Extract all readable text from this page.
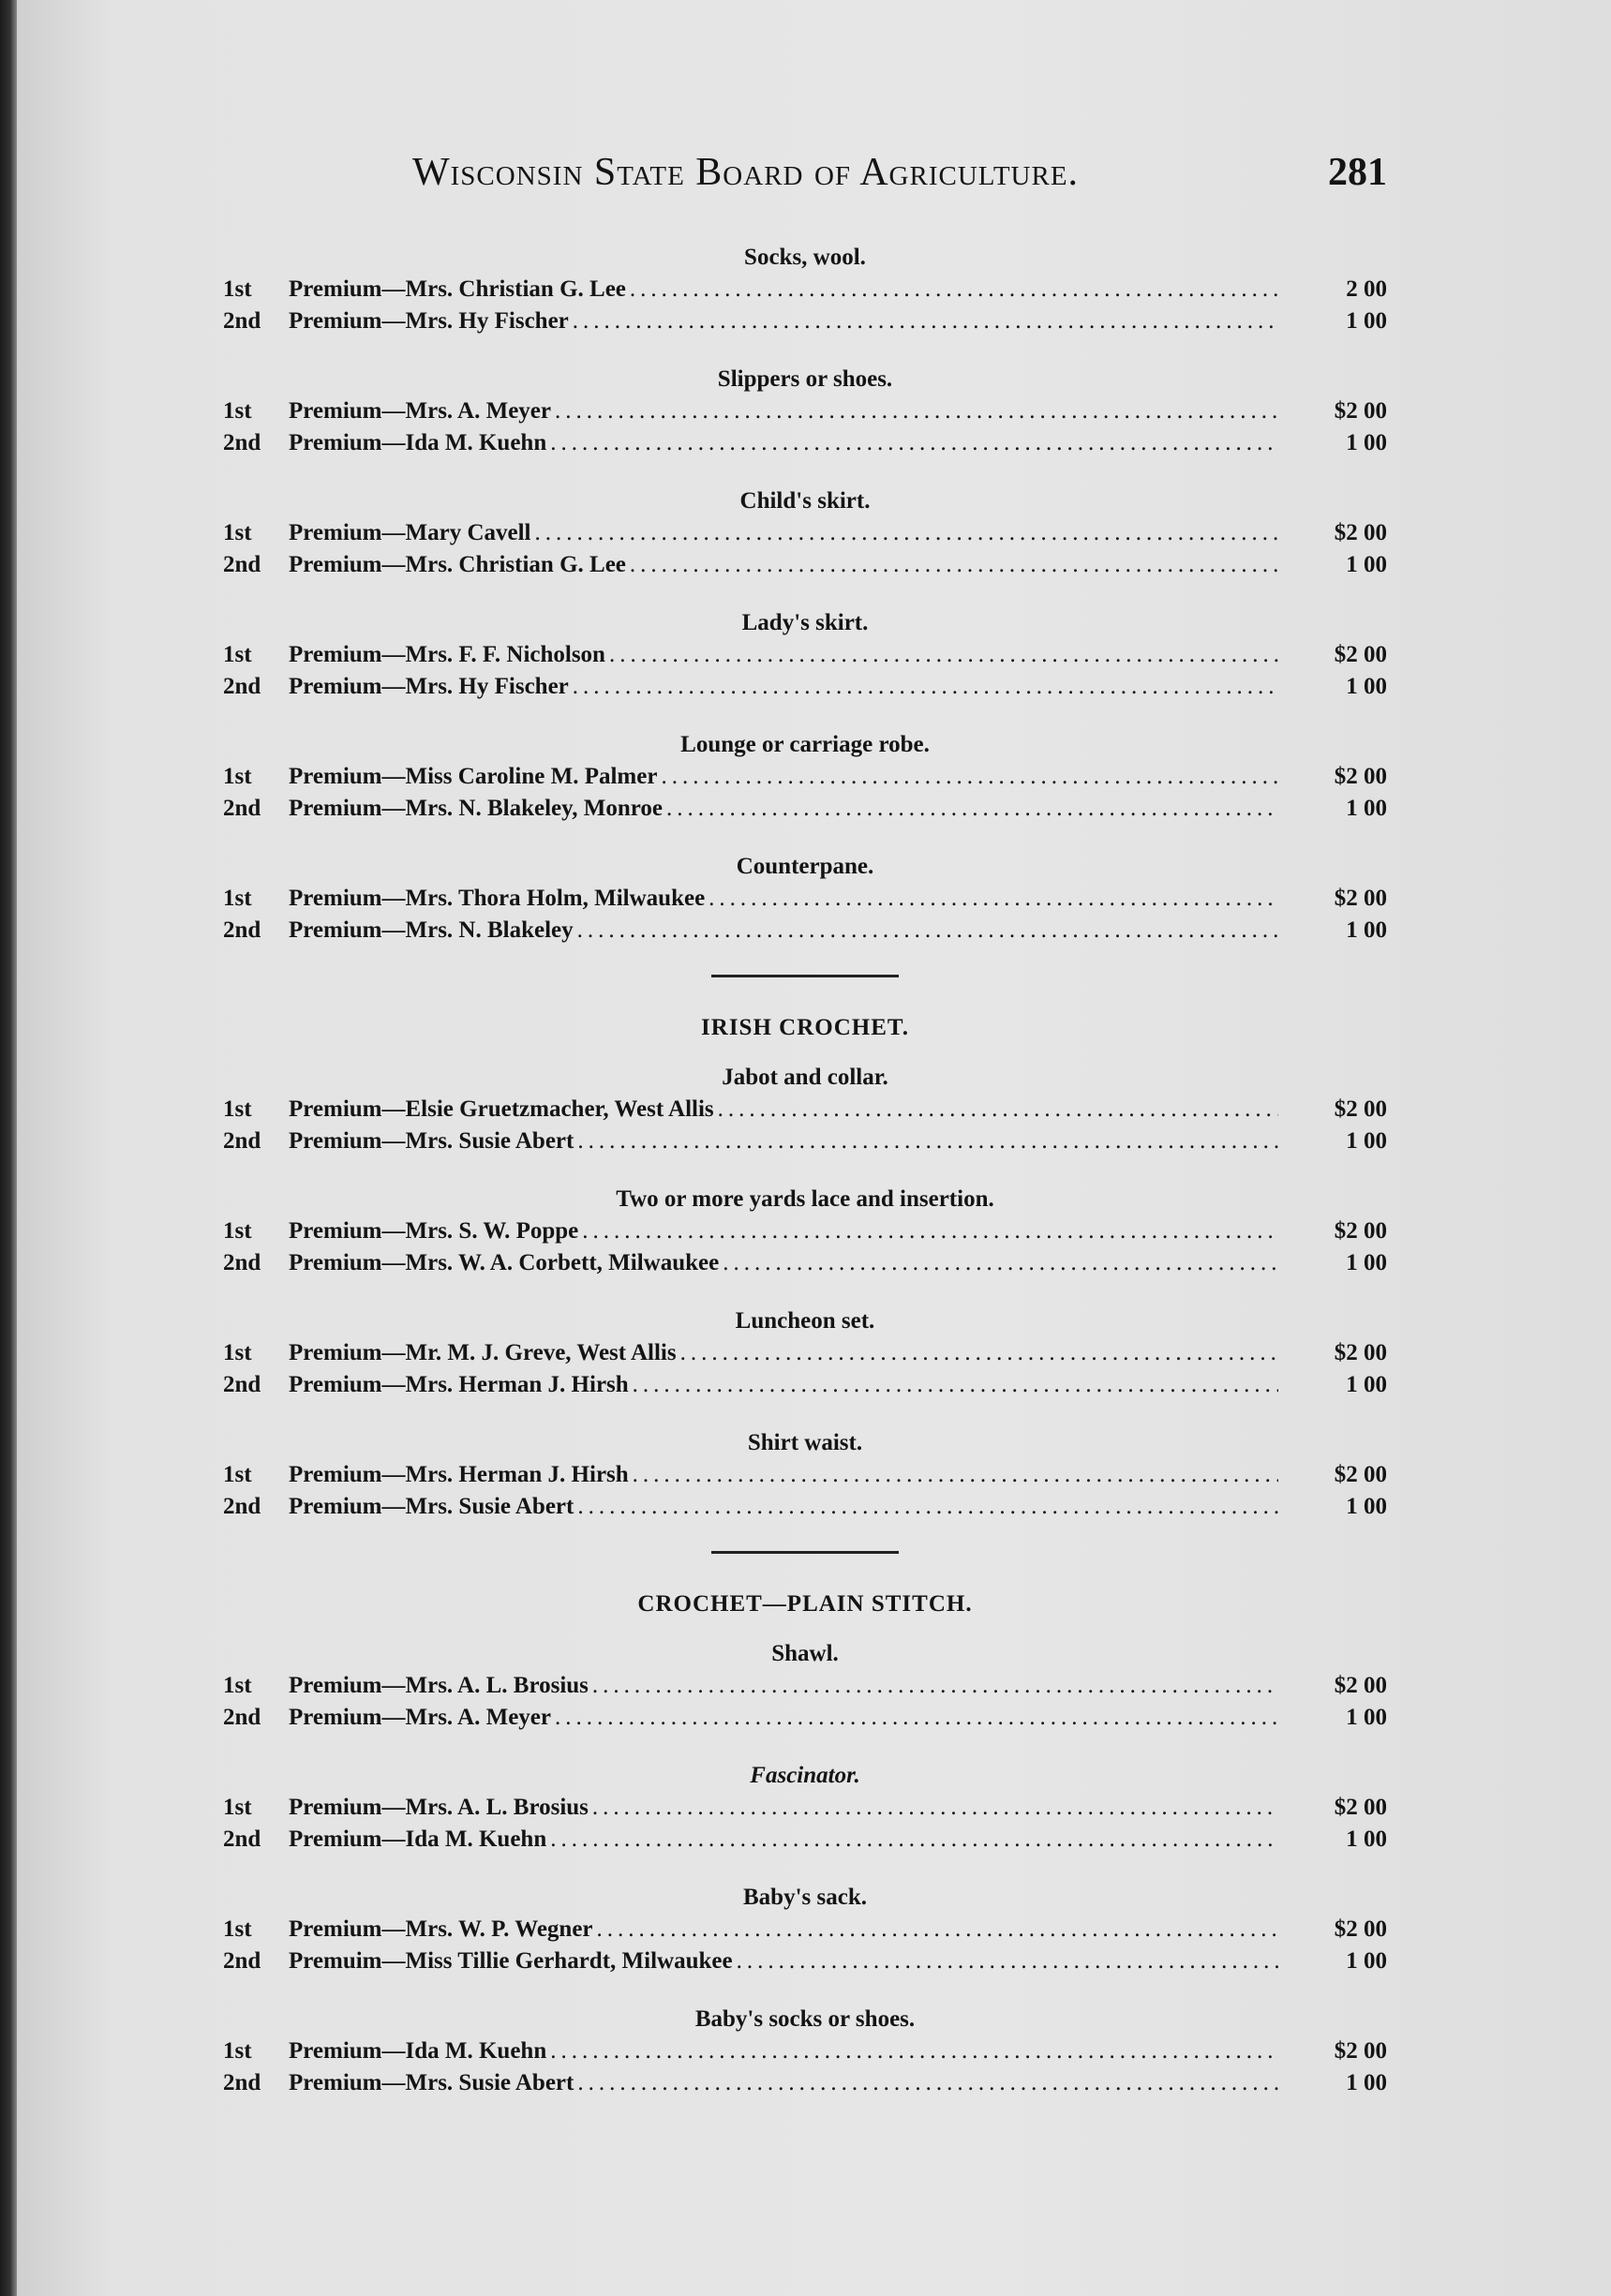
Wisconsin State Board of Agriculture.	281
Socks, wool.
1st	Premium—Mrs. Christian G. Lee .....	2 00
2nd	Premium—Mrs. Hy Fischer .....	1 00
Slippers or shoes.
1st	Premium—Mrs. A. Meyer .....	$2 00
2nd	Premium—Ida M. Kuehn .....	1 00
Child's skirt.
1st	Premium—Mary Cavell .....	$2 00
2nd	Premium—Mrs. Christian G. Lee .....	1 00
Lady's skirt.
1st	Premium—Mrs. F. F. Nicholson .....	$2 00
2nd	Premium—Mrs. Hy Fischer .....	1 00
Lounge or carriage robe.
1st	Premium—Miss Caroline M. Palmer .....	$2 00
2nd	Premium—Mrs. N. Blakeley, Monroe .....	1 00
Counterpane.
1st	Premium—Mrs. Thora Holm, Milwaukee .....	$2 00
2nd	Premium—Mrs. N. Blakeley .....	1 00
IRISH CROCHET.
Jabot and collar.
1st	Premium—Elsie Gruetzmacher, West Allis .....	$2 00
2nd	Premium—Mrs. Susie Abert .....	1 00
Two or more yards lace and insertion.
1st	Premium—Mrs. S. W. Poppe .....	$2 00
2nd	Premium—Mrs. W. A. Corbett, Milwaukee .....	1 00
Luncheon set.
1st	Premium—Mr. M. J. Greve, West Allis .....	$2 00
2nd	Premium—Mrs. Herman J. Hirsh .....	1 00
Shirt waist.
1st	Premium—Mrs. Herman J. Hirsh .....	$2 00
2nd	Premium—Mrs. Susie Abert .....	1 00
CROCHET—PLAIN STITCH.
Shawl.
1st	Premium—Mrs. A. L. Brosius .....	$2 00
2nd	Premium—Mrs. A. Meyer .....	1 00
Fascinator.
1st	Premium—Mrs. A. L. Brosius .....	$2 00
2nd	Premium—Ida M. Kuehn .....	1 00
Baby's sack.
1st	Premium—Mrs. W. P. Wegner .....	$2 00
2nd	Premuim—Miss Tillie Gerhardt, Milwaukee .....	1 00
Baby's socks or shoes.
1st	Premium—Ida M. Kuehn .....	$2 00
2nd	Premium—Mrs. Susie Abert .....	1 00
